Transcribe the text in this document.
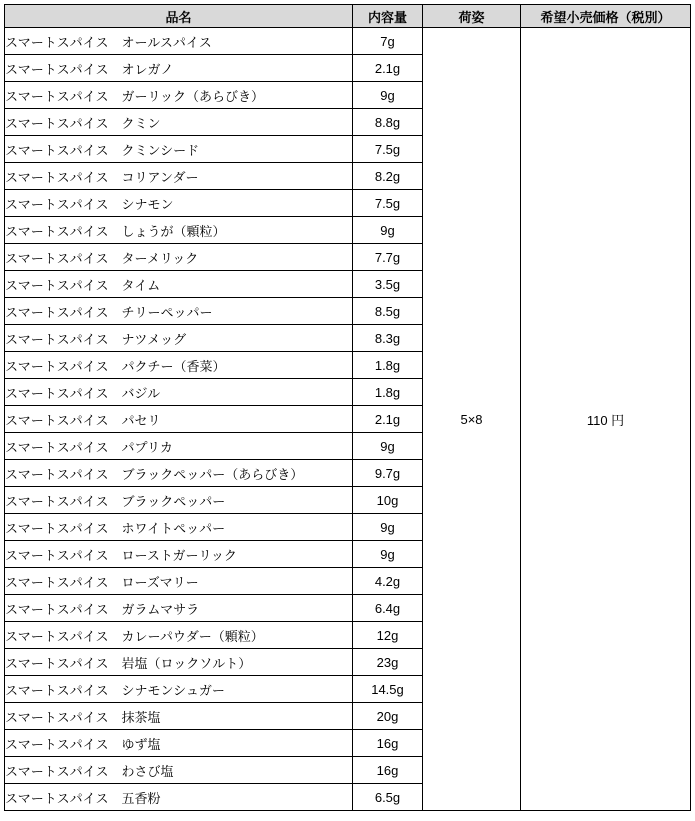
品名	内容量	荷姿	希望小売価格（税別）
スマートスパイス　オールスパイス	7g	5×8	110 円
スマートスパイス　オレガノ	2.1g		
スマートスパイス　ガーリック（あらびき）	9g		
スマートスパイス　クミン	8.8g		
スマートスパイス　クミンシード	7.5g		
スマートスパイス　コリアンダー	8.2g		
スマートスパイス　シナモン	7.5g		
スマートスパイス　しょうが（顆粒）	9g		
スマートスパイス　ターメリック	7.7g		
スマートスパイス　タイム	3.5g		
スマートスパイス　チリーペッパー	8.5g		
スマートスパイス　ナツメッグ	8.3g		
スマートスパイス　パクチー（香菜）	1.8g		
スマートスパイス　バジル	1.8g		
スマートスパイス　パセリ	2.1g		
スマートスパイス　パプリカ	9g		
スマートスパイス　ブラックペッパー（あらびき）	9.7g		
スマートスパイス　ブラックペッパー	10g		
スマートスパイス　ホワイトペッパー	9g		
スマートスパイス　ローストガーリック	9g		
スマートスパイス　ローズマリー	4.2g		
スマートスパイス　ガラムマサラ	6.4g		
スマートスパイス　カレーパウダー（顆粒）	12g		
スマートスパイス　岩塩（ロックソルト）	23g		
スマートスパイス　シナモンシュガー	14.5g		
スマートスパイス　抹茶塩	20g		
スマートスパイス　ゆず塩	16g		
スマートスパイス　わさび塩	16g		
スマートスパイス　五香粉	6.5g		
